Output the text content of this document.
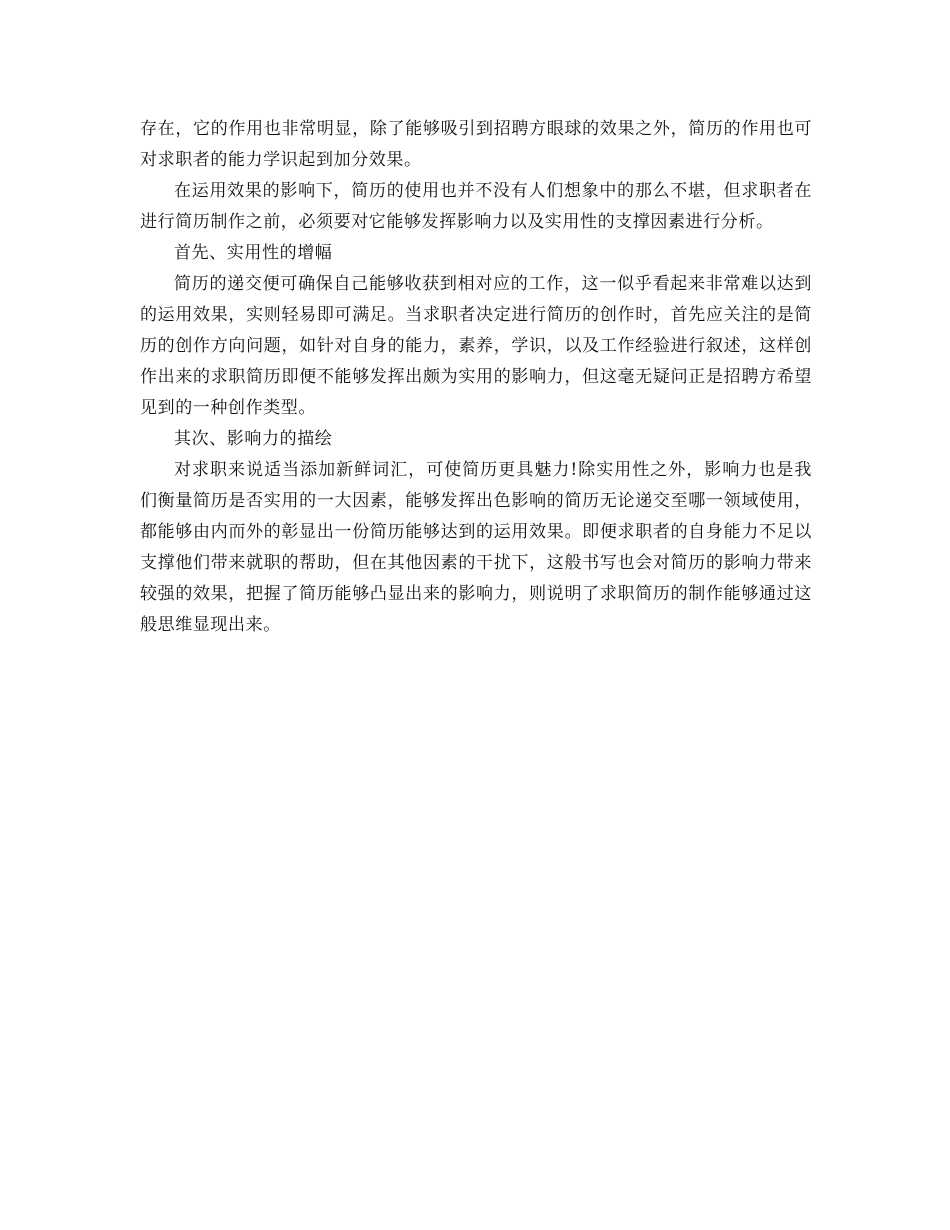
存在，它的作用也非常明显，除了能够吸引到招聘方眼球的效果之外，简历的作用也可对求职者的能力学识起到加分效果。

在运用效果的影响下，简历的使用也并不没有人们想象中的那么不堪，但求职者在进行简历制作之前，必须要对它能够发挥影响力以及实用性的支撑因素进行分析。

首先、实用性的增幅

简历的递交便可确保自己能够收获到相对应的工作，这一似乎看起来非常难以达到的运用效果，实则轻易即可满足。当求职者决定进行简历的创作时，首先应关注的是简历的创作方向问题，如针对自身的能力，素养，学识，以及工作经验进行叙述，这样创作出来的求职简历即便不能够发挥出颇为实用的影响力，但这毫无疑问正是招聘方希望见到的一种创作类型。

其次、影响力的描绘

对求职来说适当添加新鲜词汇，可使简历更具魅力!除实用性之外，影响力也是我们衡量简历是否实用的一大因素，能够发挥出色影响的简历无论递交至哪一领域使用，都能够由内而外的彰显出一份简历能够达到的运用效果。即便求职者的自身能力不足以支撑他们带来就职的帮助，但在其他因素的干扰下，这般书写也会对简历的影响力带来较强的效果，把握了简历能够凸显出来的影响力，则说明了求职简历的制作能够通过这般思维显现出来。
